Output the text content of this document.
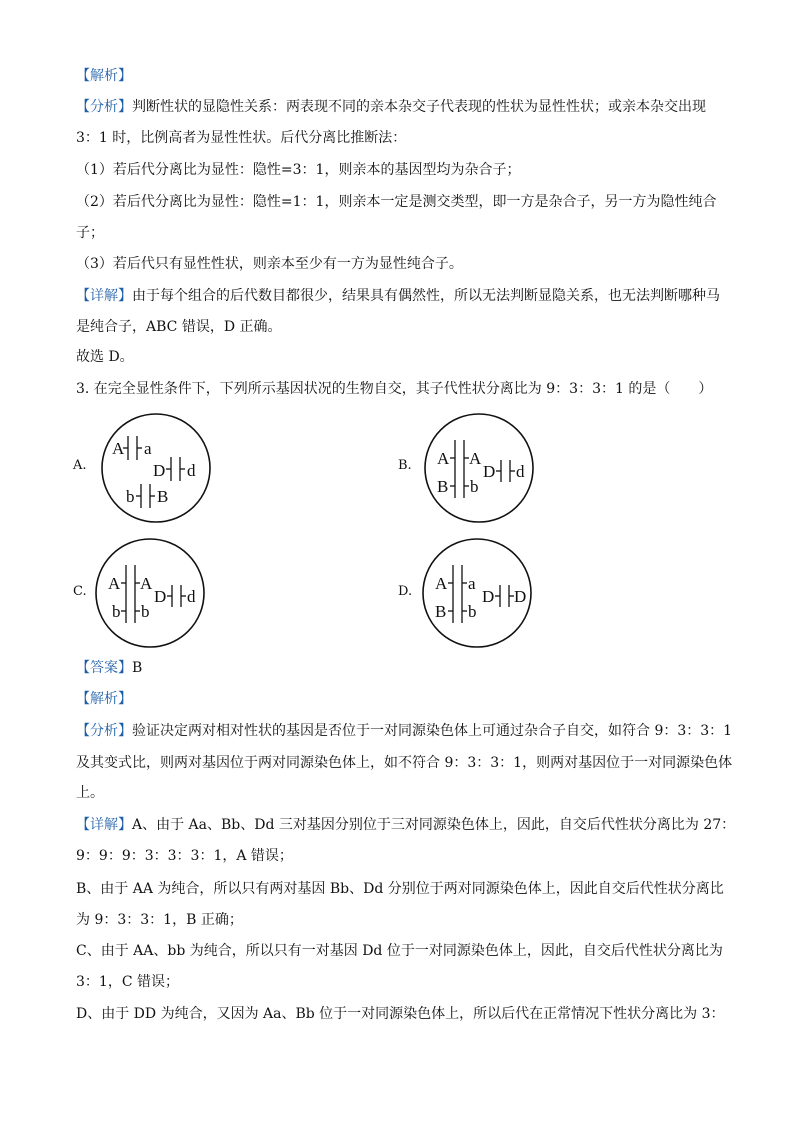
【解析】
【分析】判断性状的显隐性关系：两表现不同的亲本杂交子代表现的性状为显性性状；或亲本杂交出现
3：1 时，比例高者为显性性状。后代分离比推断法：
（1）若后代分离比为显性：隐性=3：1，则亲本的基因型均为杂合子；
（2）若后代分离比为显性：隐性=1：1，则亲本一定是测交类型，即一方是杂合子，另一方为隐性纯合
子；
（3）若后代只有显性性状，则亲本至少有一方为显性纯合子。
【详解】由于每个组合的后代数目都很少，结果具有偶然性，所以无法判断显隐关系，也无法判断哪种马
是纯合子，ABC 错误，D 正确。
故选 D。
3. 在完全显性条件下，下列所示基因状况的生物自交，其子代性状分离比为 9：3：3：1 的是（　　）
A.
A a
D d
b B
B. A A
B b
D d
C. A A
b b
D d	D. A a
B b
D D
【答案】B
【解析】
【分析】验证决定两对相对性状的基因是否位于一对同源染色体上可通过杂合子自交，如符合 9：3：3：1
及其变式比，则两对基因位于两对同源染色体上，如不符合 9：3：3：1，则两对基因位于一对同源染色体
上。
【详解】A、由于 Aa、Bb、Dd 三对基因分别位于三对同源染色体上，因此，自交后代性状分离比为 27：
9：9：9：3：3：3：1，A 错误；
B、由于 AA 为纯合，所以只有两对基因 Bb、Dd 分别位于两对同源染色体上，因此自交后代性状分离比
为 9：3：3：1，B 正确；
C、由于 AA、bb 为纯合，所以只有一对基因 Dd 位于一对同源染色体上，因此，自交后代性状分离比为
3：1，C 错误；
D、由于 DD 为纯合，又因为 Aa、Bb 位于一对同源染色体上，所以后代在正常情况下性状分离比为 3：
